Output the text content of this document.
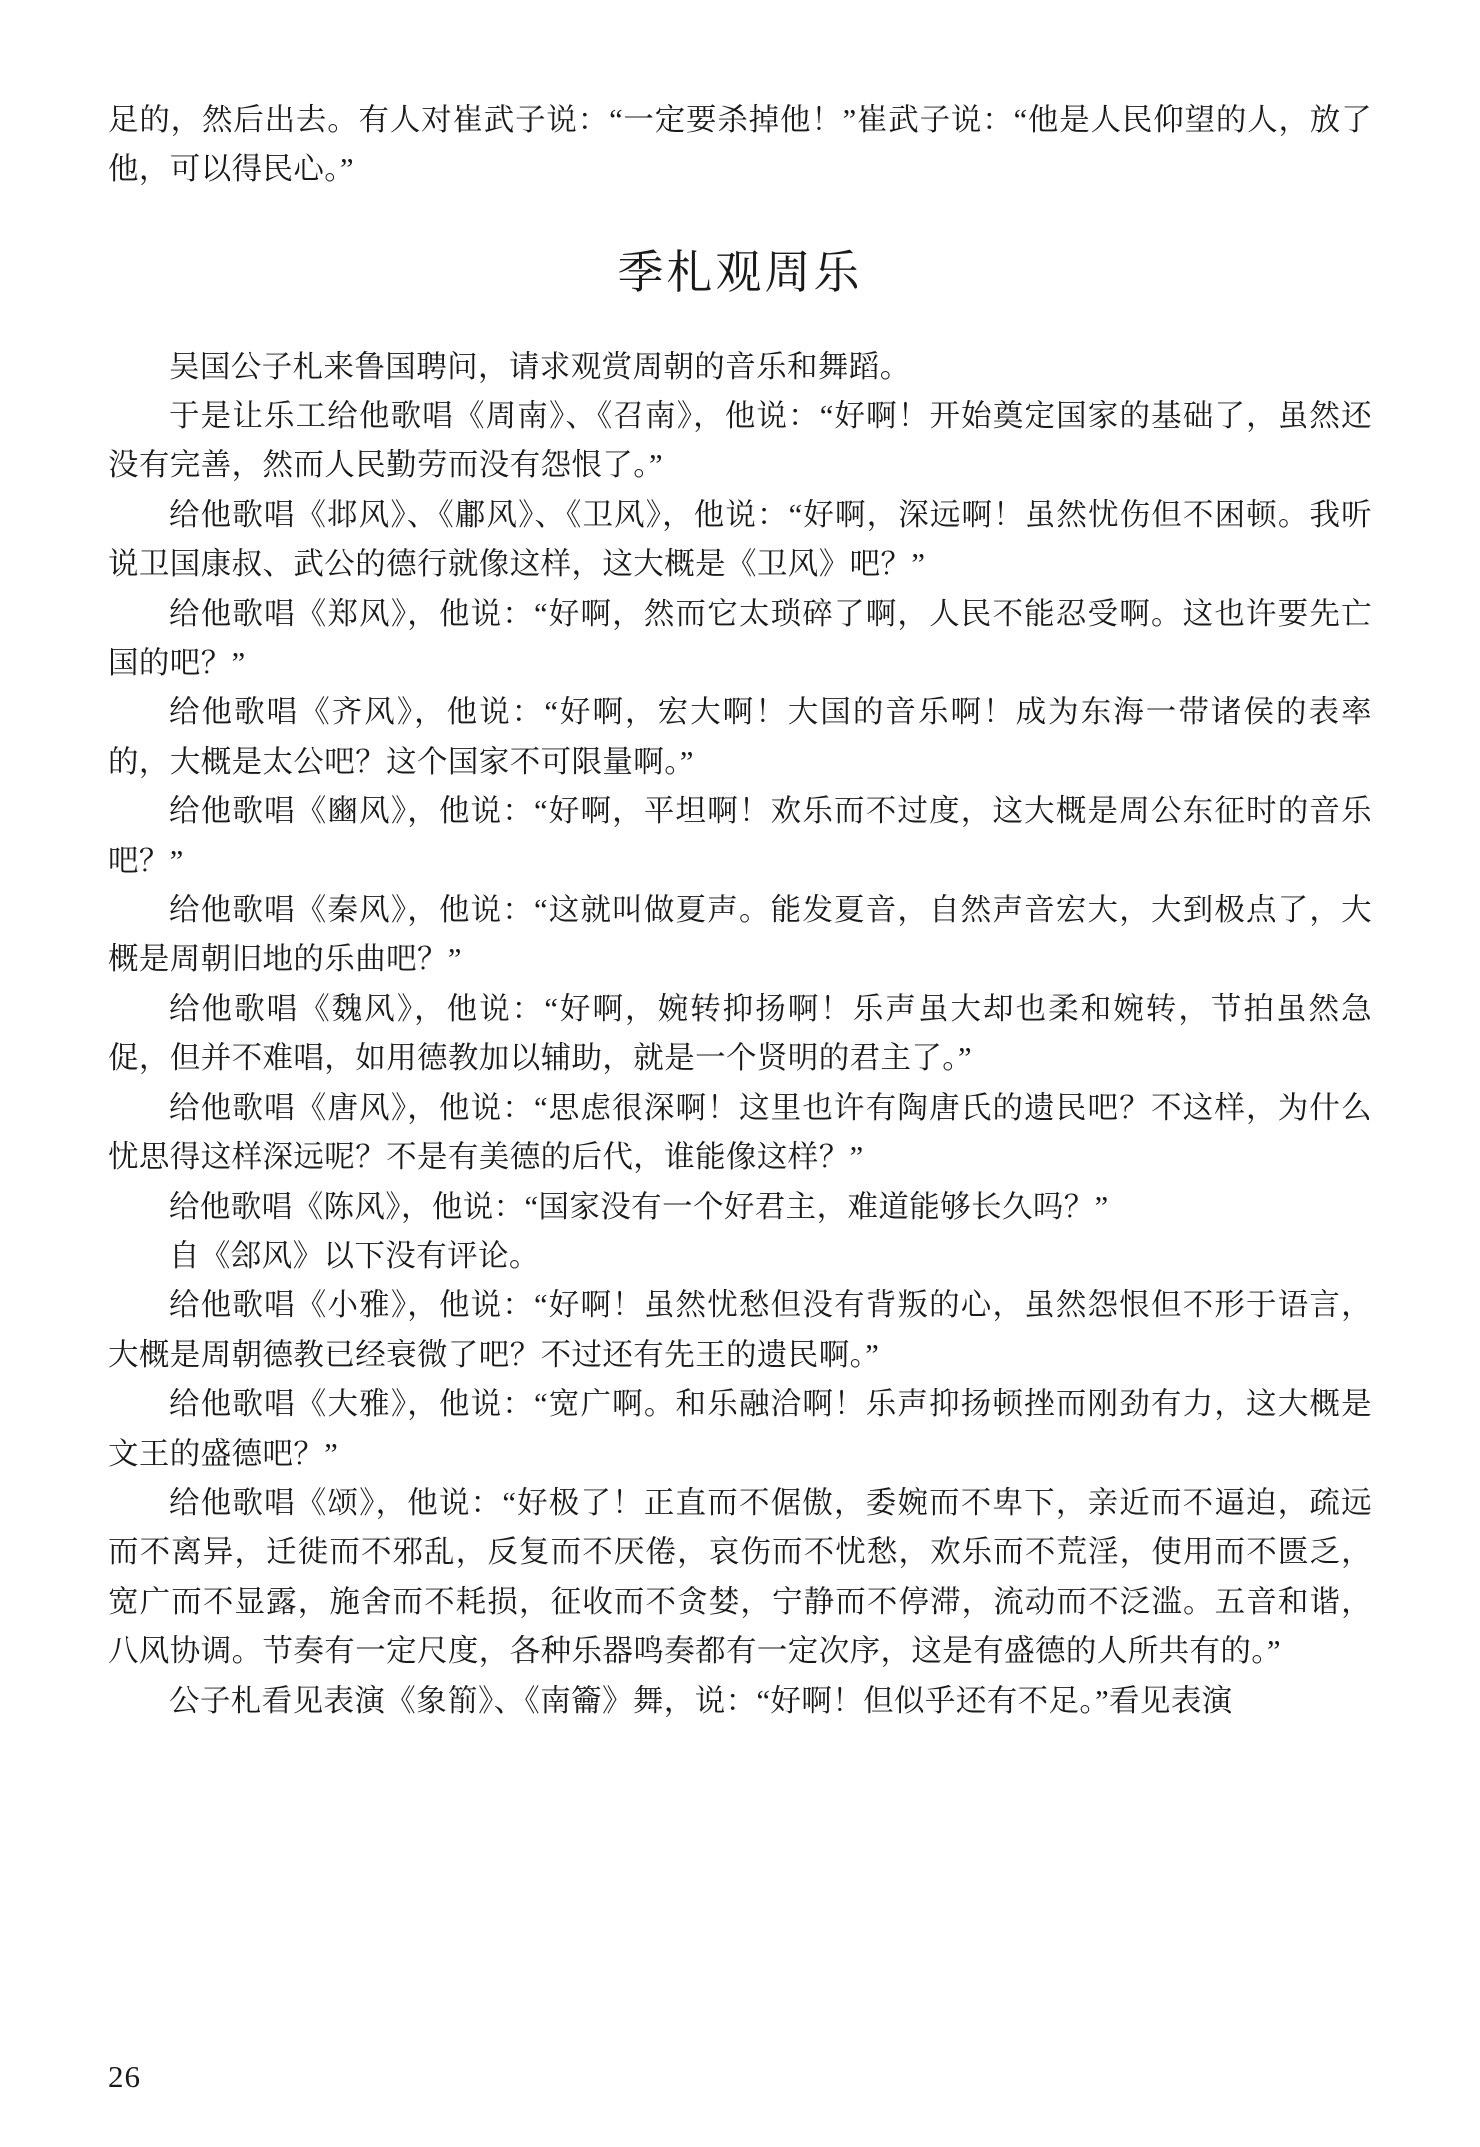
足的，然后出去。有人对崔武子说：“一定要杀掉他！”崔武子说：“他是人民仰望的人，放了他，可以得民心。”

季札观周乐

吴国公子札来鲁国聘问，请求观赏周朝的音乐和舞蹈。

于是让乐工给他歌唱《周南》、《召南》，他说：“好啊！开始奠定国家的基础了，虽然还没有完善，然而人民勤劳而没有怨恨了。”

给他歌唱《邶风》、《鄘风》、《卫风》，他说：“好啊，深远啊！虽然忧伤但不困顿。我听说卫国康叔、武公的德行就像这样，这大概是《卫风》吧？”

给他歌唱《郑风》，他说：“好啊，然而它太琐碎了啊，人民不能忍受啊。这也许要先亡国的吧？”

给他歌唱《齐风》，他说：“好啊，宏大啊！大国的音乐啊！成为东海一带诸侯的表率的，大概是太公吧？这个国家不可限量啊。”

给他歌唱《豳风》，他说：“好啊，平坦啊！欢乐而不过度，这大概是周公东征时的音乐吧？”

给他歌唱《秦风》，他说：“这就叫做夏声。能发夏音，自然声音宏大，大到极点了，大概是周朝旧地的乐曲吧？”

给他歌唱《魏风》，他说：“好啊，婉转抑扬啊！乐声虽大却也柔和婉转，节拍虽然急促，但并不难唱，如用德教加以辅助，就是一个贤明的君主了。”

给他歌唱《唐风》，他说：“思虑很深啊！这里也许有陶唐氏的遗民吧？不这样，为什么忧思得这样深远呢？不是有美德的后代，谁能像这样？”

给他歌唱《陈风》，他说：“国家没有一个好君主，难道能够长久吗？”

自《郐风》以下没有评论。

给他歌唱《小雅》，他说：“好啊！虽然忧愁但没有背叛的心，虽然怨恨但不形于语言，大概是周朝德教已经衰微了吧？不过还有先王的遗民啊。”

给他歌唱《大雅》，他说：“宽广啊。和乐融洽啊！乐声抑扬顿挫而刚劲有力，这大概是文王的盛德吧？”

给他歌唱《颂》，他说：“好极了！正直而不倨傲，委婉而不卑下，亲近而不逼迫，疏远而不离异，迁徙而不邪乱，反复而不厌倦，哀伤而不忧愁，欢乐而不荒淫，使用而不匮乏，宽广而不显露，施舍而不耗损，征收而不贪婪，宁静而不停滞，流动而不泛滥。五音和谐，八风协调。节奏有一定尺度，各种乐器鸣奏都有一定次序，这是有盛德的人所共有的。”

公子札看见表演《象箾》、《南籥》舞，说：“好啊！但似乎还有不足。”看见表演

26
